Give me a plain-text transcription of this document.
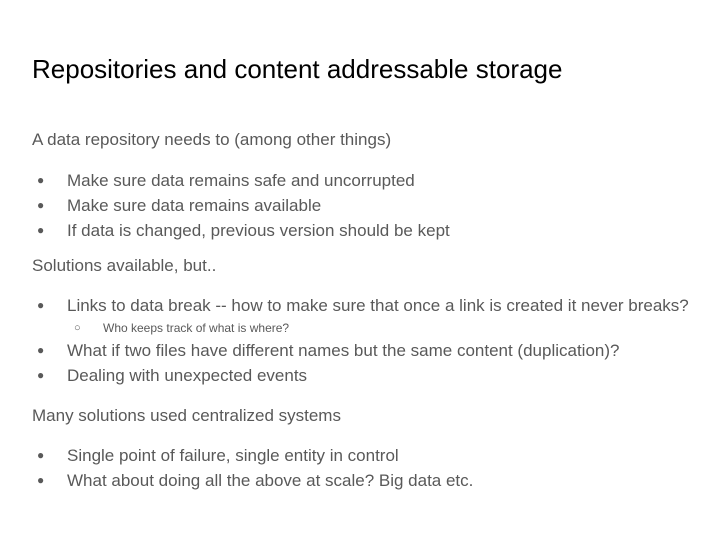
Repositories and content addressable storage

A data repository needs to (among other things)

● Make sure data remains safe and uncorrupted
● Make sure data remains available
● If data is changed, previous version should be kept

Solutions available, but..

● Links to data break -- how to make sure that once a link is created it never breaks?
○ Who keeps track of what is where?
● What if two files have different names but the same content (duplication)?
● Dealing with unexpected events

Many solutions used centralized systems

● Single point of failure, single entity in control
● What about doing all the above at scale? Big data etc.
